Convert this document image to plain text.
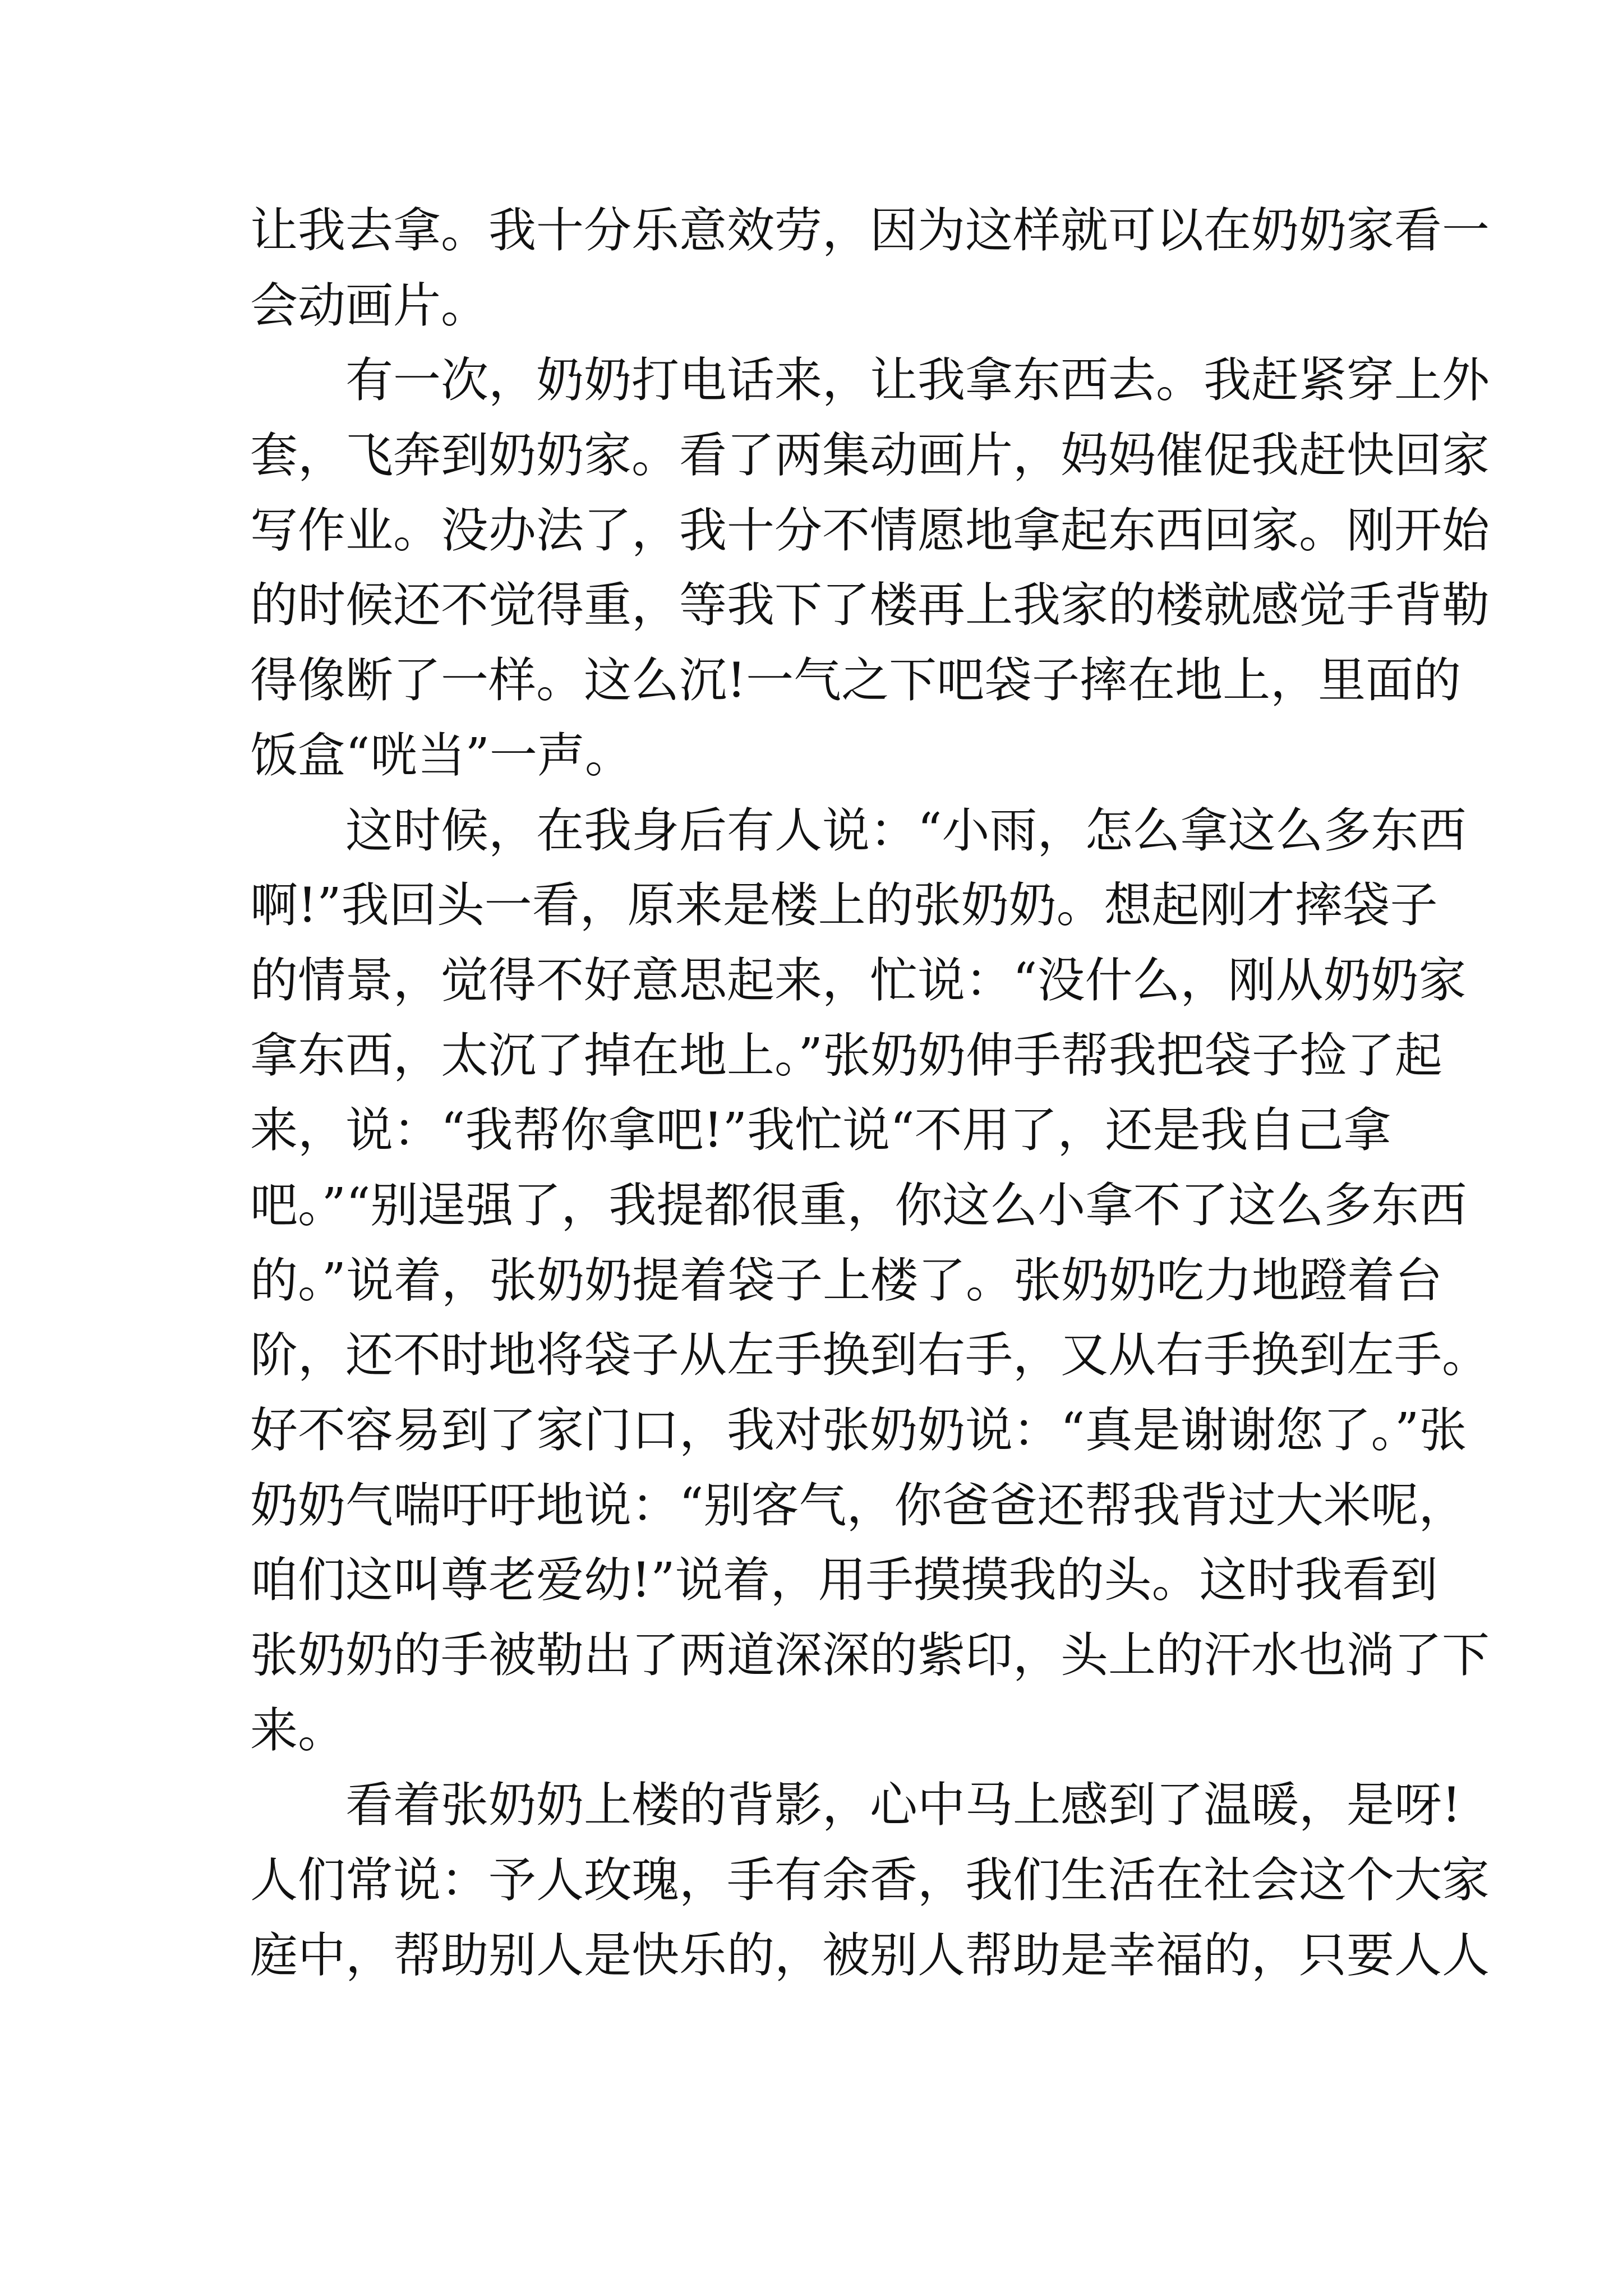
让我去拿。我十分乐意效劳，因为这样就可以在奶奶家看一
会动画片。
　　有一次，奶奶打电话来，让我拿东西去。我赶紧穿上外
套，飞奔到奶奶家。看了两集动画片，妈妈催促我赶快回家
写作业。没办法了，我十分不情愿地拿起东西回家。刚开始
的时候还不觉得重，等我下了楼再上我家的楼就感觉手背勒
得像断了一样。这么沉!一气之下吧袋子摔在地上，里面的
饭盒“咣当”一声。
　　这时候，在我身后有人说：“小雨，怎么拿这么多东西
啊!”我回头一看，原来是楼上的张奶奶。想起刚才摔袋子
的情景，觉得不好意思起来，忙说：“没什么，刚从奶奶家
拿东西，太沉了掉在地上。”张奶奶伸手帮我把袋子捡了起
来，说：“我帮你拿吧!”我忙说“不用了，还是我自己拿
吧。”“别逞强了，我提都很重，你这么小拿不了这么多东西
的。”说着，张奶奶提着袋子上楼了。张奶奶吃力地蹬着台
阶，还不时地将袋子从左手换到右手，又从右手换到左手。
好不容易到了家门口，我对张奶奶说：“真是谢谢您了。”张
奶奶气喘吁吁地说：“别客气，你爸爸还帮我背过大米呢，
咱们这叫尊老爱幼!”说着，用手摸摸我的头。这时我看到
张奶奶的手被勒出了两道深深的紫印，头上的汗水也淌了下
来。
　　看着张奶奶上楼的背影，心中马上感到了温暖，是呀!
人们常说：予人玫瑰，手有余香，我们生活在社会这个大家
庭中，帮助别人是快乐的，被别人帮助是幸福的，只要人人
